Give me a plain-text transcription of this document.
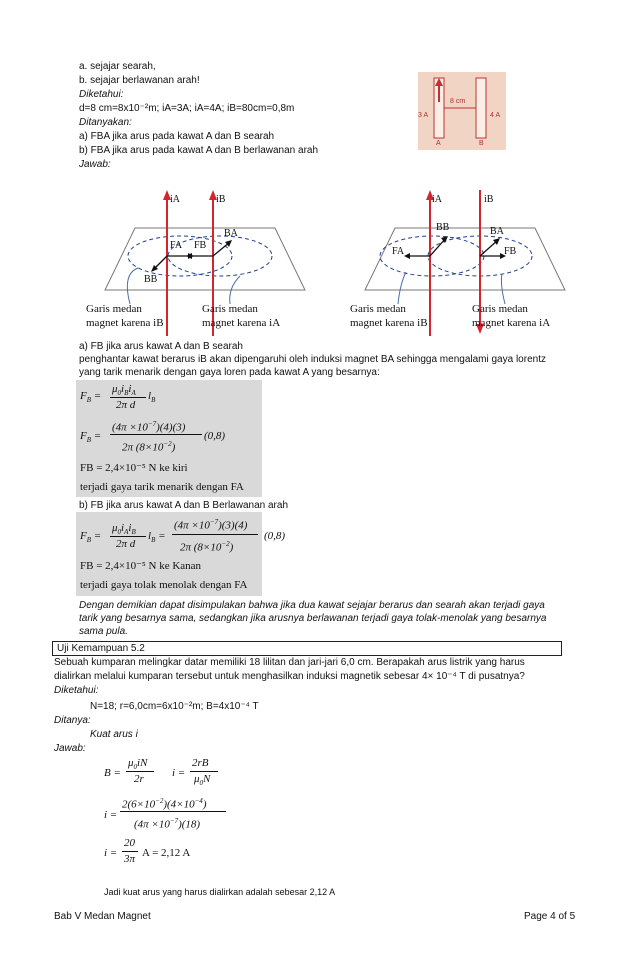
a. sejajar searah,
b. sejajar berlawanan arah!
Diketahui:
d=8 cm=8x10⁻²m; iA=3A; iA=4A; iB=80cm=0,8m
Ditanyakan:
a) FBA jika arus pada kawat A dan B searah
b) FBA jika arus pada kawat A dan B berlawanan arah
Jawab:
8 cm
3 A	4 A
A	B
iA	iB
BA
FA FB
BB
Garis medan
magnet karena iB
Garis medan
magnet karena iA
iA	iB
BB	BA
FA	FB
Garis medan
magnet karena iB
Garis medan
magnet karena iA
a) FB jika arus kawat A dan B searah
penghantar kawat berarus iB akan dipengaruhi oleh induksi magnet BA sehingga mengalami gaya lorentz
yang tarik menarik dengan gaya loren pada kawat A yang besarnya:
$F_B$ =
$\mu_0i_Bi_A$
2π d
$l_B$
$F_B$ =
$(4\pi \times 10^{-7})(4)(3)$
2π $(8\times 10^{-2})$
(0,8)
FB = 2,4×10⁻⁵ N ke kiri
terjadi gaya tarik menarik dengan FA
b) FB jika arus kawat A dan B Berlawanan arah
$F_B$ =
$\mu_0i_Ai_B$
2π d
$l_B$ =
$(4\pi \times 10^{-7})(3)(4)$
2π $(8\times 10^{-2})$
FB = 2,4×10⁻⁵ N ke Kanan
terjadi gaya tolak menolak dengan FA
(0,8)
Dengan demikian dapat disimpulakan bahwa jika dua kawat sejajar berarus dan searah akan terjadi gaya
tarik yang besarnya sama, sedangkan jika arusnya berlawanan terjadi gaya tolak-menolak yang besarnya
sama pula.
Uji Kemampuan 5.2
Sebuah kumparan melingkar datar memiliki 18 lilitan dan jari-jari 6,0 cm. Berapakah arus listrik yang harus
dialirkan melalui kumparan tersebut untuk menghasilkan induksi magnetik sebesar 4× 10⁻⁴ T di pusatnya?
Diketahui:
N=18; r=6,0cm=6x10⁻²m; B=4x10⁻⁴ T
Ditanya:
Kuat arus i
Jawab:
B =
$\mu_0iN$
2r	i =
2rB
$\mu_0N$
i =
$2(6\times 10^{-2})(4\times 10^{-4})$
$(4\pi \times 10^{-7})(18)$
i =
20
3π A = 2,12 A
Jadi kuat arus yang harus dialirkan adalah sebesar 2,12 A
Bab V Medan Magnet	Page 4 of 5
